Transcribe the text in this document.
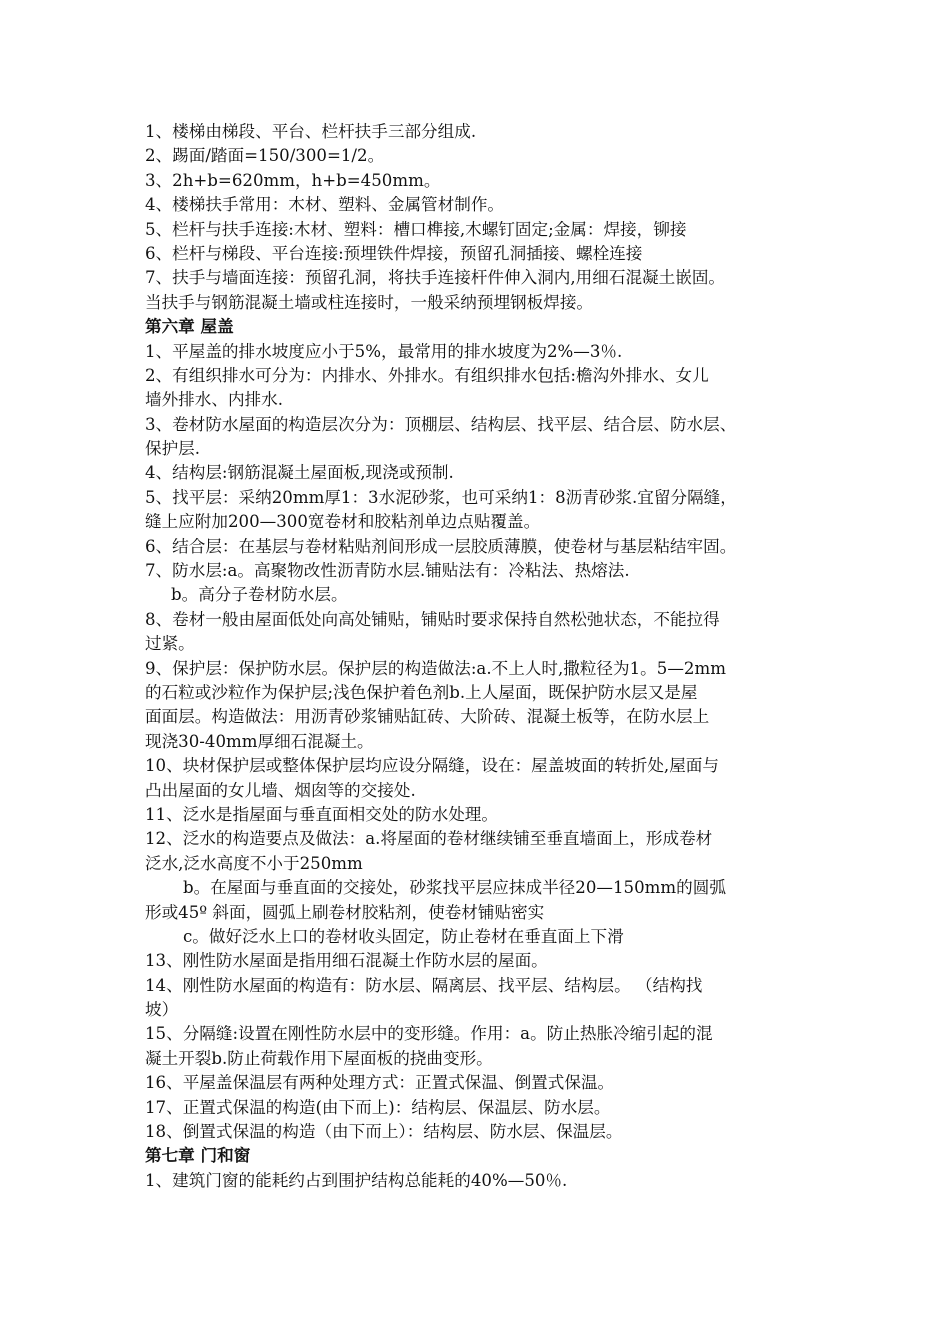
1、楼梯由梯段、平台、栏杆扶手三部分组成.
2、踢面/踏面=150/300=1/2。
3、2h+b=620mm，h+b=450mm。
4、楼梯扶手常用：木材、塑料、金属管材制作。
5、栏杆与扶手连接:木材、塑料：槽口榫接,木螺钉固定;金属：焊接，铆接
6、栏杆与梯段、平台连接:预埋铁件焊接，预留孔洞插接、螺栓连接
7、扶手与墙面连接：预留孔洞，将扶手连接杆件伸入洞内,用细石混凝土嵌固。
当扶手与钢筋混凝土墙或柱连接时，一般采纳预埋钢板焊接。
第六章 屋盖
1、平屋盖的排水坡度应小于5%，最常用的排水坡度为2%—3％.
2、有组织排水可分为：内排水、外排水。有组织排水包括:檐沟外排水、女儿
墙外排水、内排水.
3、卷材防水屋面的构造层次分为：顶棚层、结构层、找平层、结合层、防水层、
保护层.
4、结构层:钢筋混凝土屋面板,现浇或预制.
5、找平层：采纳20mm厚1：3水泥砂浆，也可采纳1：8沥青砂浆.宜留分隔缝，
缝上应附加200—300宽卷材和胶粘剂单边点贴覆盖。
6、结合层：在基层与卷材粘贴剂间形成一层胶质薄膜，使卷材与基层粘结牢固。
7、防水层:a。高聚物改性沥青防水层.铺贴法有：冷粘法、热熔法.
b。高分子卷材防水层。
8、卷材一般由屋面低处向高处铺贴，铺贴时要求保持自然松弛状态，不能拉得
过紧。
9、保护层：保护防水层。保护层的构造做法:a.不上人时,撒粒径为1。5—2mm
的石粒或沙粒作为保护层;浅色保护着色剂b.上人屋面，既保护防水层又是屋
面面层。构造做法：用沥青砂浆铺贴缸砖、大阶砖、混凝土板等，在防水层上
现浇30-40mm厚细石混凝土。
10、块材保护层或整体保护层均应设分隔缝，设在：屋盖坡面的转折处,屋面与
凸出屋面的女儿墙、烟囱等的交接处.
11、泛水是指屋面与垂直面相交处的防水处理。
12、泛水的构造要点及做法：a.将屋面的卷材继续铺至垂直墙面上，形成卷材
泛水,泛水高度不小于250mm
b。在屋面与垂直面的交接处，砂浆找平层应抹成半径20—150mm的圆弧
形或45º 斜面，圆弧上刷卷材胶粘剂，使卷材铺贴密实
c。做好泛水上口的卷材收头固定，防止卷材在垂直面上下滑
13、刚性防水屋面是指用细石混凝土作防水层的屋面。
14、刚性防水屋面的构造有：防水层、隔离层、找平层、结构层。 （结构找
坡）
15、分隔缝:设置在刚性防水层中的变形缝。作用：a。防止热胀冷缩引起的混
凝土开裂b.防止荷载作用下屋面板的挠曲变形。
16、平屋盖保温层有两种处理方式：正置式保温、倒置式保温。
17、正置式保温的构造(由下而上)：结构层、保温层、防水层。
18、倒置式保温的构造（由下而上）：结构层、防水层、保温层。
第七章 门和窗
1、建筑门窗的能耗约占到围护结构总能耗的40%—50％.
